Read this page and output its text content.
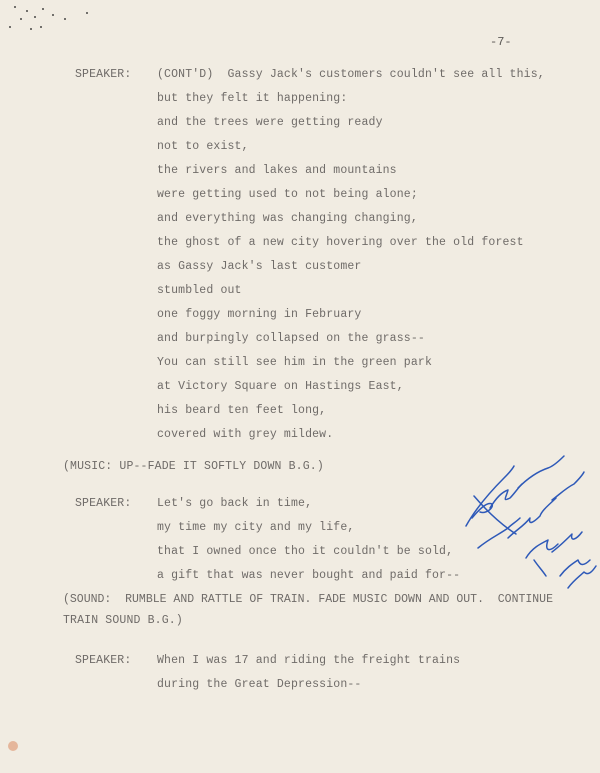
-7-
SPEAKER: (CONT'D)  Gassy Jack's customers couldn't see all this,
but they felt it happening:
and the trees were getting ready
not to exist,
the rivers and lakes and mountains
were getting used to not being alone;
and everything was changing changing,
the ghost of a new city hovering over the old forest
as Gassy Jack's last customer
stumbled out
one foggy morning in February
and burpingly collapsed on the grass--
You can still see him in the green park
at Victory Square on Hastings East,
his beard ten feet long,
covered with grey mildew.
(MUSIC: UP--FADE IT SOFTLY DOWN B.G.)
SPEAKER: Let's go back in time,
my time my city and my life,
that I owned once tho it couldn't be sold,
a gift that was never bought and paid for--
(SOUND:  RUMBLE AND RATTLE OF TRAIN. FADE MUSIC DOWN AND OUT.  CONTINUE
TRAIN SOUND B.G.)
SPEAKER: When I was 17 and riding the freight trains
during the Great Depression--
